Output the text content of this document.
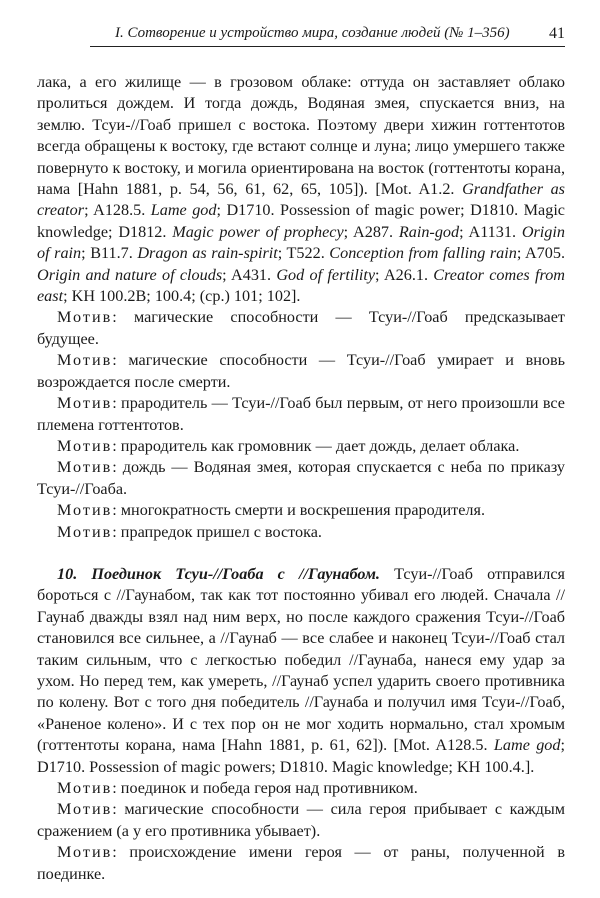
I. Сотворение и устройство мира, создание людей (№ 1–356) 41

лака, а его жилище — в грозовом облаке: оттуда он заставляет облако пролиться дождем. И тогда дождь, Водяная змея, спускается вниз, на землю. Тсуи-//Гоаб пришел с востока. Поэтому двери хижин готтентотов всегда обращены к востоку, где встают солнце и луна; лицо умершего также повернуто к востоку, и могила ориентирована на восток (готтентоты корана, нама [Hahn 1881, p. 54, 56, 61, 62, 65, 105]). [Mot. A1.2. Grandfather as creator; A128.5. Lame god; D1710. Possession of magic power; D1810. Magic knowledge; D1812. Magic power of prophecy; A287. Rain-god; A1131. Origin of rain; B11.7. Dragon as rain-spirit; T522. Conception from falling rain; A705. Origin and nature of clouds; A431. God of fertility; A26.1. Creator comes from east; KH 100.2B; 100.4; (ср.) 101; 102].

Мотив: магические способности — Тсуи-//Гоаб предсказывает будущее.

Мотив: магические способности — Тсуи-//Гоаб умирает и вновь возрождается после смерти.

Мотив: прародитель — Тсуи-//Гоаб был первым, от него произошли все племена готтентотов.

Мотив: прародитель как громовник — дает дождь, делает облака.

Мотив: дождь — Водяная змея, которая спускается с неба по приказу Тсуи-//Гоаба.

Мотив: многократность смерти и воскрешения прародителя.

Мотив: прапредок пришел с востока.

10. Поединок Тсуи-//Гоаба с //Гаунабом. Тсуи-//Гоаб отправился бороться с //Гаунабом, так как тот постоянно убивал его людей. Сначала //Гаунаб дважды взял над ним верх, но после каждого сражения Тсуи-//Гоаб становился все сильнее, а //Гаунаб — все слабее и наконец Тсуи-//Гоаб стал таким сильным, что с легкостью победил //Гаунаба, нанеся ему удар за ухом. Но перед тем, как умереть, //Гаунаб успел ударить своего противника по колену. Вот с того дня победитель //Гаунаба и получил имя Тсуи-//Гоаб, «Раненое колено». И с тех пор он не мог ходить нормально, стал хромым (готтентоты корана, нама [Hahn 1881, p. 61, 62]). [Mot. A128.5. Lame god; D1710. Possession of magic powers; D1810. Magic knowledge; KH 100.4.].

Мотив: поединок и победа героя над противником.

Мотив: магические способности — сила героя прибывает с каждым сражением (а у его противника убывает).

Мотив: происхождение имени героя — от раны, полученной в поединке.
